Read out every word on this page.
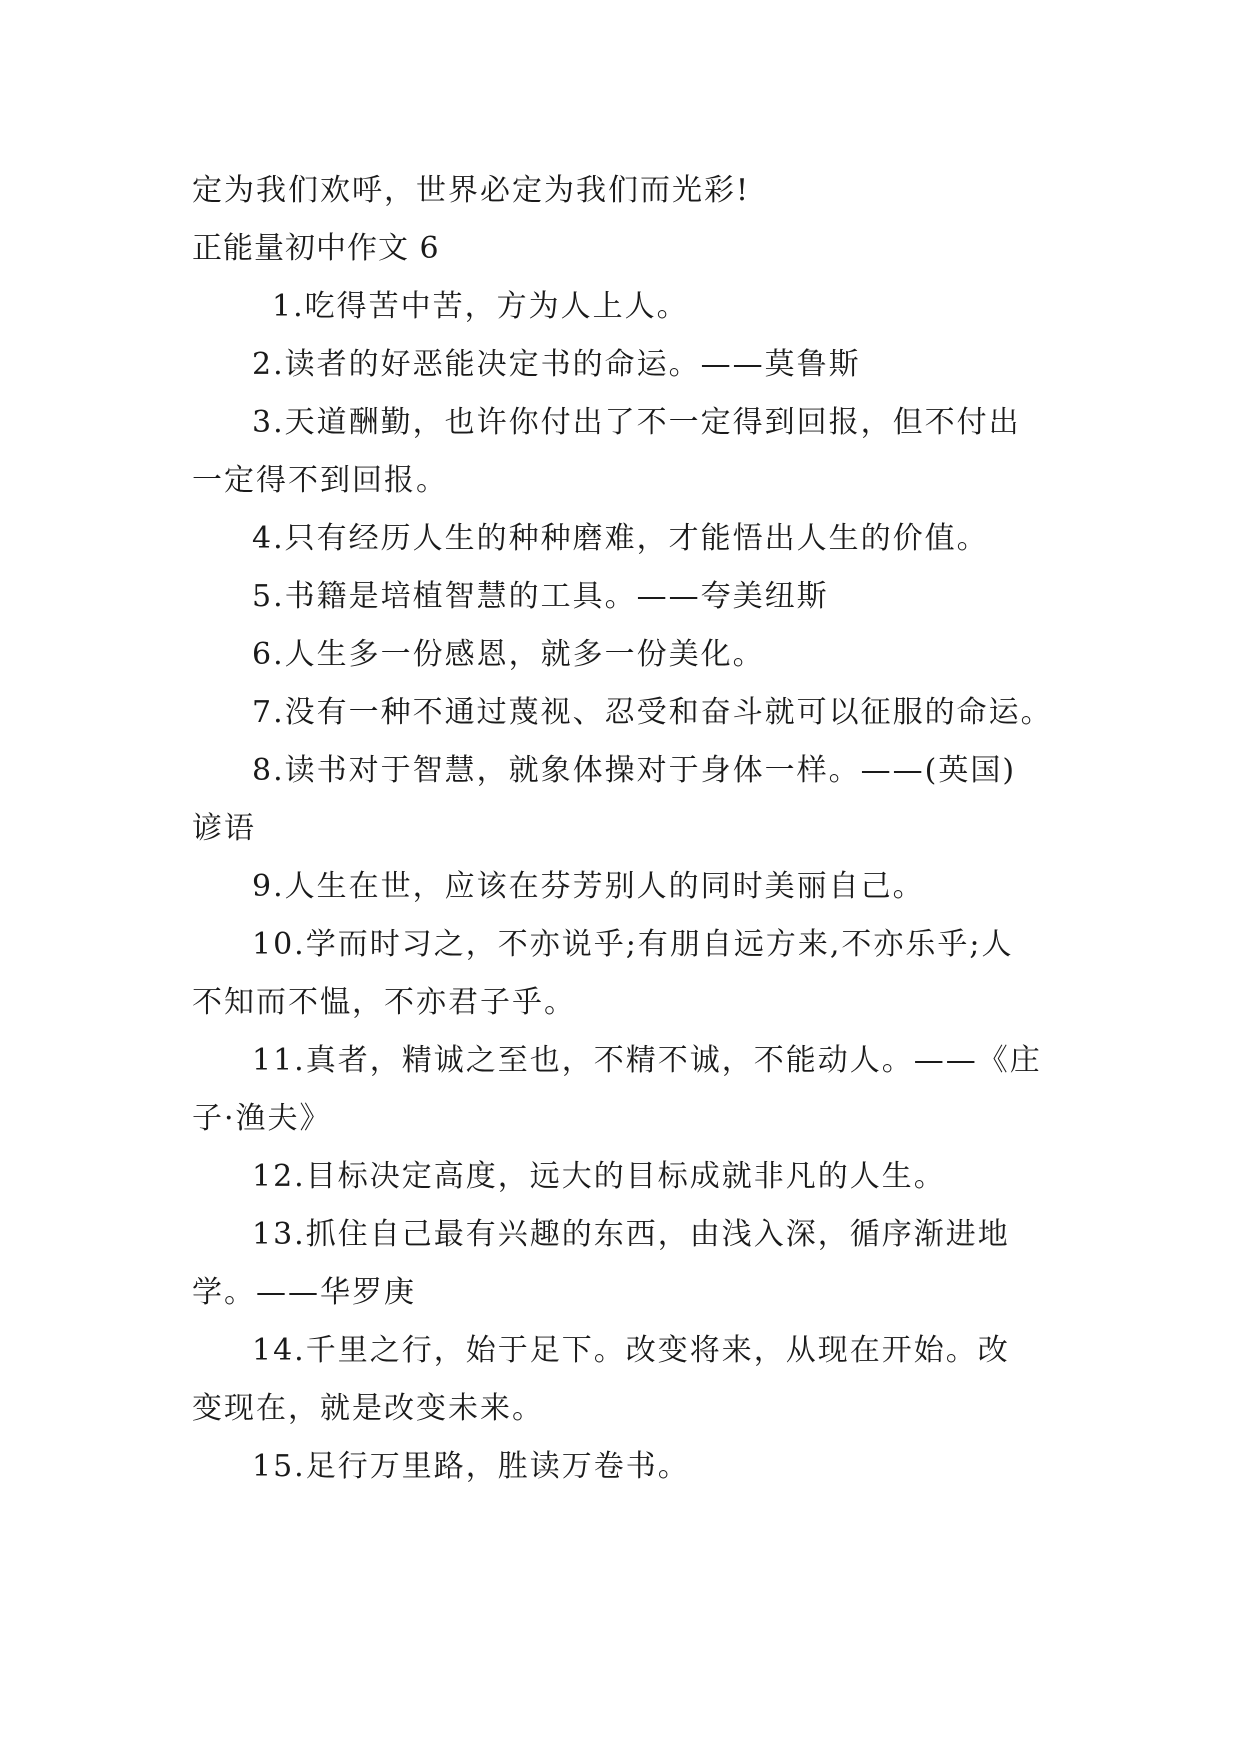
定为我们欢呼，世界必定为我们而光彩!
正能量初中作文 6
1.吃得苦中苦，方为人上人。
2.读者的好恶能决定书的命运。——莫鲁斯
3.天道酬勤，也许你付出了不一定得到回报，但不付出
一定得不到回报。
4.只有经历人生的种种磨难，才能悟出人生的价值。
5.书籍是培植智慧的工具。——夸美纽斯
6.人生多一份感恩，就多一份美化。
7.没有一种不通过蔑视、忍受和奋斗就可以征服的命运。
8.读书对于智慧，就象体操对于身体一样。——(英国)
谚语
9.人生在世，应该在芬芳别人的同时美丽自己。
10.学而时习之，不亦说乎;有朋自远方来,不亦乐乎;人
不知而不愠，不亦君子乎。
11.真者，精诚之至也，不精不诚，不能动人。——《庄
子·渔夫》
12.目标决定高度，远大的目标成就非凡的人生。
13.抓住自己最有兴趣的东西，由浅入深，循序渐进地
学。——华罗庚
14.千里之行，始于足下。改变将来，从现在开始。改
变现在，就是改变未来。
15.足行万里路，胜读万卷书。
